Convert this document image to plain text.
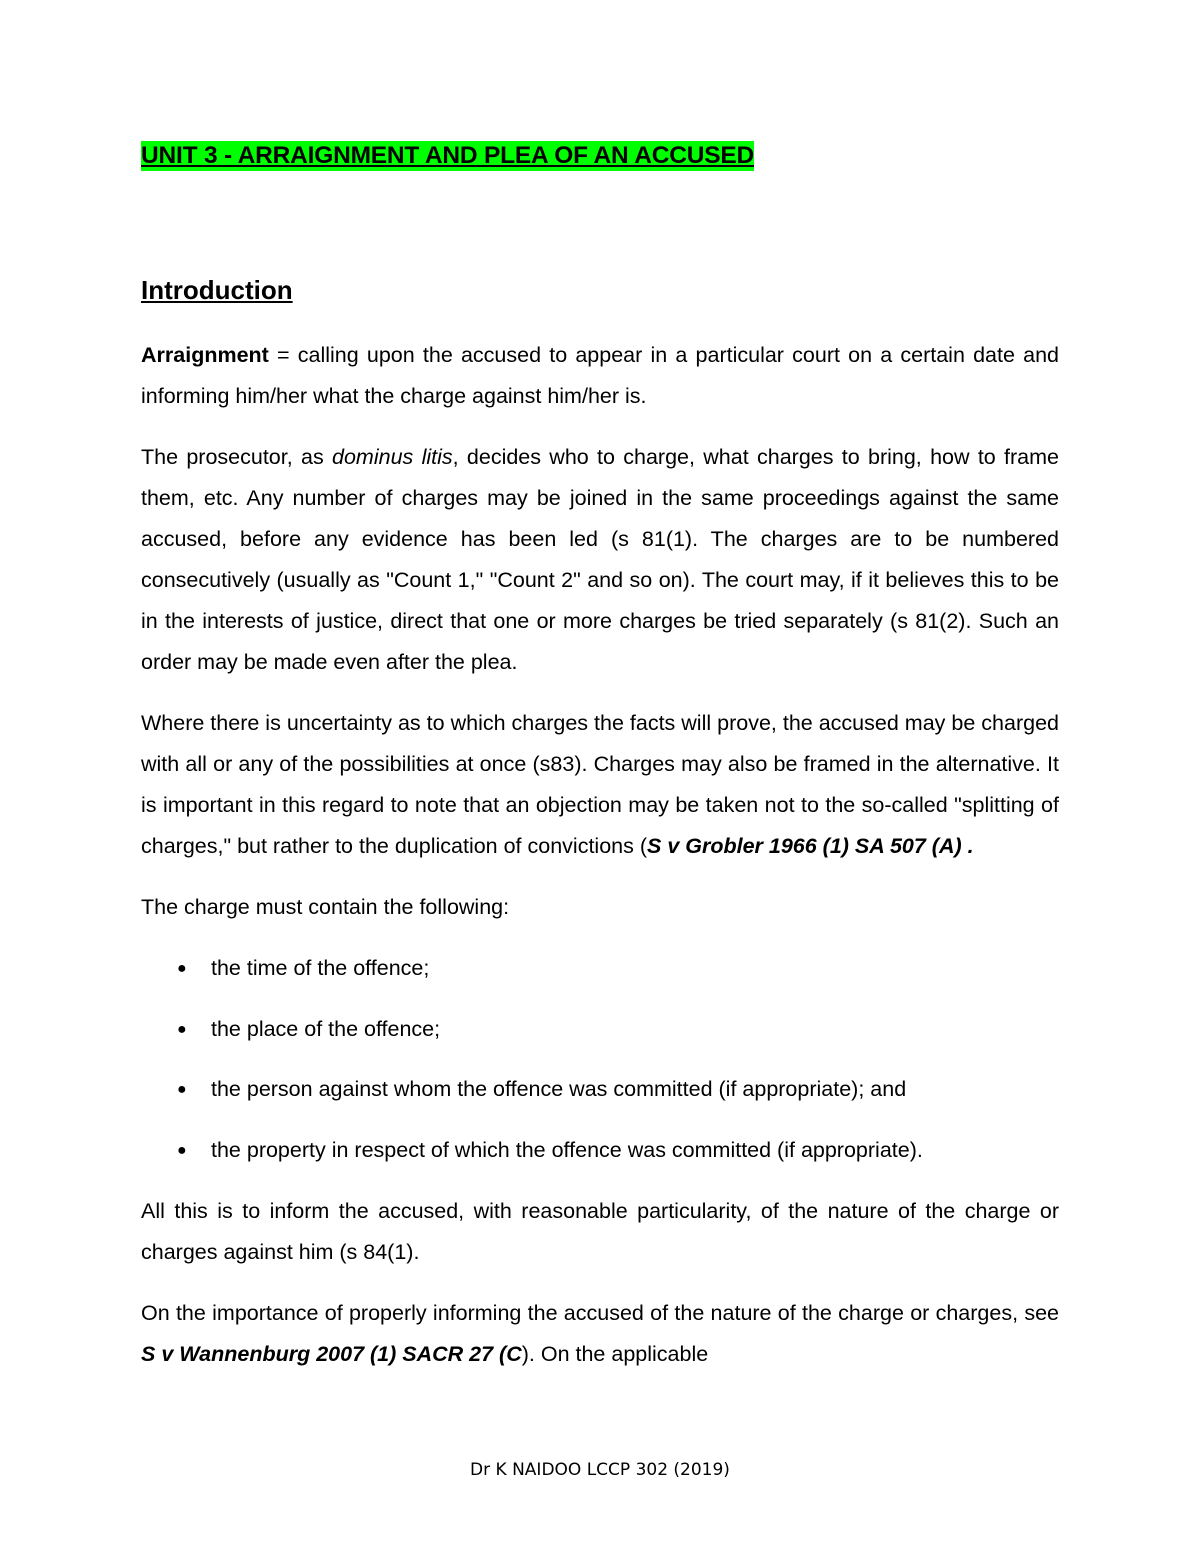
UNIT 3 - ARRAIGNMENT AND PLEA OF AN ACCUSED
Introduction

Arraignment = calling upon the accused to appear in a particular court on a certain date and informing him/her what the charge against him/her is.

The prosecutor, as dominus litis, decides who to charge, what charges to bring, how to frame them, etc. Any number of charges may be joined in the same proceedings against the same accused, before any evidence has been led (s 81(1). The charges are to be numbered consecutively (usually as "Count 1," "Count 2" and so on). The court may, if it believes this to be in the interests of justice, direct that one or more charges be tried separately (s 81(2). Such an order may be made even after the plea.

Where there is uncertainty as to which charges the facts will prove, the accused may be charged with all or any of the possibilities at once (s83). Charges may also be framed in the alternative. It is important in this regard to note that an objection may be taken not to the so-called "splitting of charges," but rather to the duplication of convictions (S v Grobler 1966 (1) SA 507 (A) .

The charge must contain the following:

● the time of the offence;
● the place of the offence;
● the person against whom the offence was committed (if appropriate); and
● the property in respect of which the offence was committed (if appropriate).

All this is to inform the accused, with reasonable particularity, of the nature of the charge or charges against him (s 84(1).

On the importance of properly informing the accused of the nature of the charge or charges, see S v Wannenburg 2007 (1) SACR 27 (C). On the applicable

Dr K NAIDOO LCCP 302 (2019)
